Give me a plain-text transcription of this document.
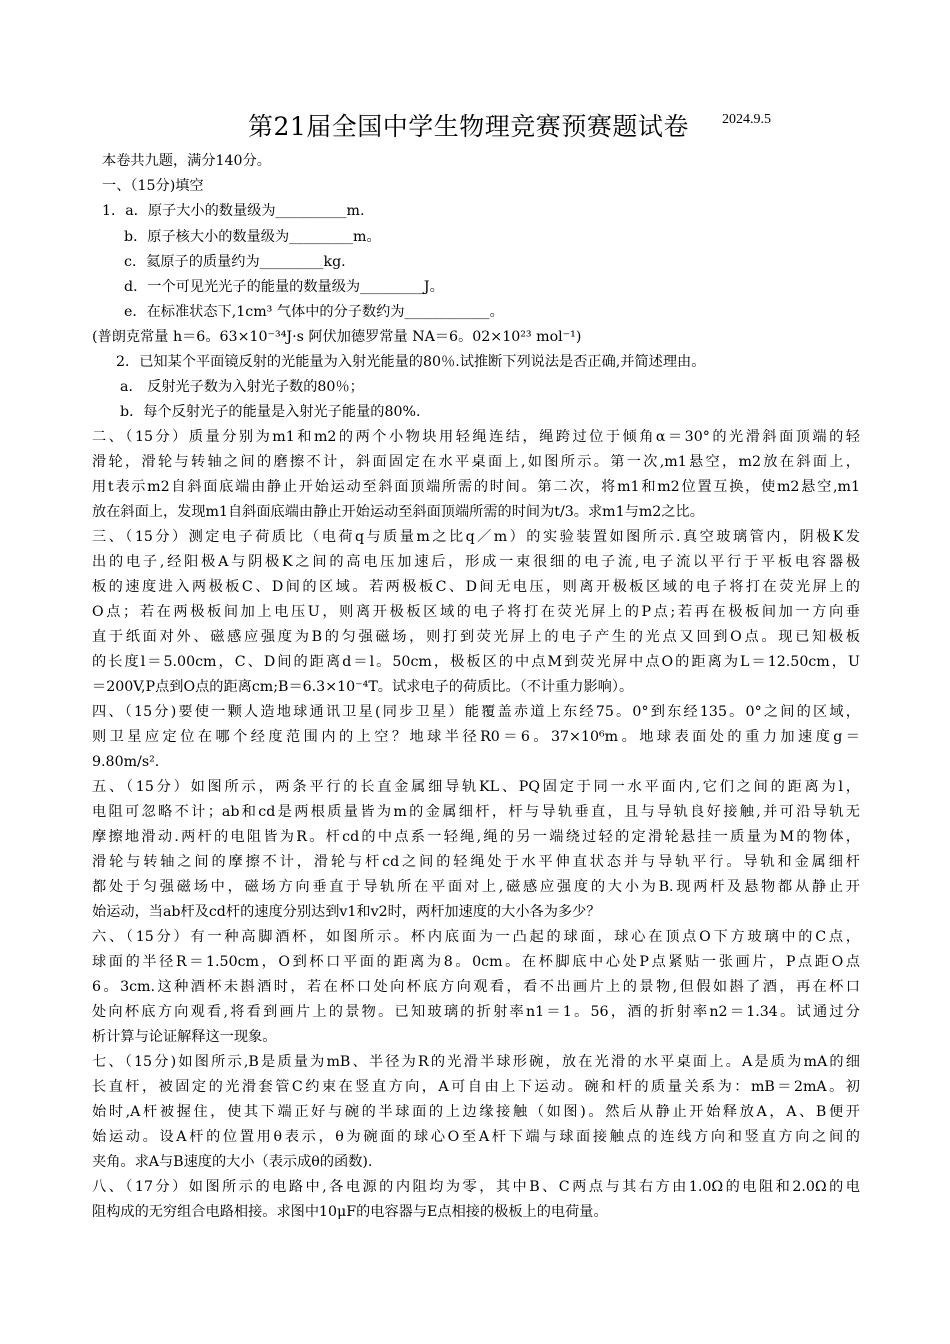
第21届全国中学生物理竞赛预赛题试卷 2024.9.5
本卷共九题，满分140分。
一、（15分)填空
1．a．原子大小的数量级为__________m.
b．原子核大小的数量级为_________m。
c．氦原子的质量约为_________kg.
d．一个可见光光子的能量的数量级为_________J。
e．在标准状态下,1cm³ 气体中的分子数约为____________。
(普朗克常量 h＝6。63×10⁻³⁴J·s 阿伏加德罗常量 NA＝6。02×10²³ mol⁻¹)
2．已知某个平面镜反射的光能量为入射光能量的80％.试推断下列说法是否正确,并简述理由。
a． 反射光子数为入射光子数的80％；
b．每个反射光子的能量是入射光子能量的80%.
二、（15分）质量分别为m1和m2的两个小物块用轻绳连结，绳跨过位于倾角α＝30°的光滑斜面顶端的轻
滑轮，滑轮与转轴之间的磨擦不计，斜面固定在水平桌面上,如图所示。第一次,m1悬空，m2放在斜面上，
用t表示m2自斜面底端由静止开始运动至斜面顶端所需的时间。第二次，将m1和m2位置互换，使m2悬空,m1
放在斜面上，发现m1自斜面底端由静止开始运动至斜面顶端所需的时间为t/3。求m1与m2之比。
三、（15分）测定电子荷质比（电荷q与质量m之比q／m）的实验装置如图所示.真空玻璃管内，阴极K发
出的电子,经阳极A与阴极K之间的高电压加速后，形成一束很细的电子流,电子流以平行于平板电容器极
板的速度进入两极板C、D间的区域。若两极板C、D间无电压，则离开极板区域的电子将打在荧光屏上的
O点；若在两极板间加上电压U，则离开极板区域的电子将打在荧光屏上的P点;若再在极板间加一方向垂
直于纸面对外、磁感应强度为B的匀强磁场，则打到荧光屏上的电子产生的光点又回到O点。现已知极板
的长度l＝5.00cm，C、D间的距离d＝l。50cm，极板区的中点M到荧光屏中点O的距离为L＝12.50cm，U
＝200V,P点到O点的距离cm;B＝6.3×10⁻⁴T。试求电子的荷质比。（不计重力影响）。
四、（15分)要使一颗人造地球通讯卫星(同步卫星）能覆盖赤道上东经75。0°到东经135。0°之间的区域，
则卫星应定位在哪个经度范围内的上空？地球半径R0＝6。37×10⁶m。地球表面处的重力加速度g＝
9.80m/s².
五、（15分）如图所示，两条平行的长直金属细导轨KL、PQ固定于同一水平面内,它们之间的距离为l，
电阻可忽略不计；ab和cd是两根质量皆为m的金属细杆，杆与导轨垂直，且与导轨良好接触,并可沿导轨无
摩擦地滑动.两杆的电阻皆为R。杆cd的中点系一轻绳,绳的另一端绕过轻的定滑轮悬挂一质量为M的物体，
滑轮与转轴之间的摩擦不计，滑轮与杆cd之间的轻绳处于水平伸直状态并与导轨平行。导轨和金属细杆
都处于匀强磁场中，磁场方向垂直于导轨所在平面对上,磁感应强度的大小为B.现两杆及悬物都从静止开
始运动，当ab杆及cd杆的速度分别达到v1和v2时，两杆加速度的大小各为多少？
六、（15分）有一种高脚酒杯，如图所示。杯内底面为一凸起的球面，球心在顶点O下方玻璃中的C点，
球面的半径R＝1.50cm，O到杯口平面的距离为8。0cm。在杯脚底中心处P点紧贴一张画片，P点距O点
6。3cm.这种酒杯未斟酒时，若在杯口处向杯底方向观看，看不出画片上的景物,但假如斟了酒，再在杯口
处向杯底方向观看,将看到画片上的景物。已知玻璃的折射率n1＝1。56，酒的折射率n2＝1.34。试通过分
析计算与论证解释这一现象。
七、（15分)如图所示,B是质量为mB、半径为R的光滑半球形碗，放在光滑的水平桌面上。A是质为mA的细
长直杆，被固定的光滑套管C约束在竖直方向，A可自由上下运动。碗和杆的质量关系为：mB＝2mA。初
始时,A杆被握住，使其下端正好与碗的半球面的上边缘接触（如图)。然后从静止开始释放A，A、B便开
始运动。设A杆的位置用θ表示，θ为碗面的球心O至A杆下端与球面接触点的连线方向和竖直方向之间的
夹角。求A与B速度的大小（表示成θ的函数).
八、（17分）如图所示的电路中,各电源的内阻均为零，其中B、C两点与其右方由1.0Ω的电阻和2.0Ω的电
阻构成的无穷组合电路相接。求图中10μF的电容器与E点相接的极板上的电荷量。
